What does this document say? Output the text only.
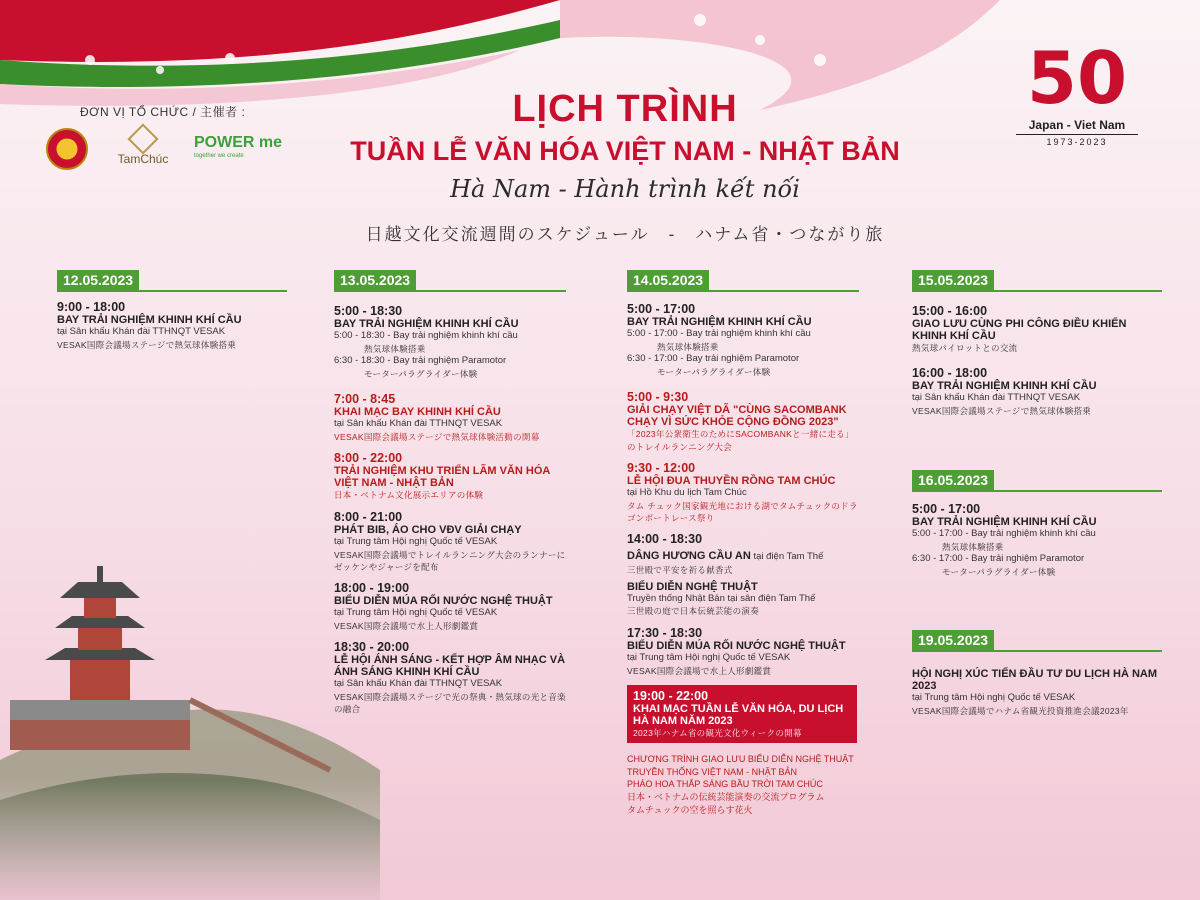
ĐƠN VỊ TỔ CHỨC / 主催者 :
TamChúc
POWER me
together we create
LỊCH TRÌNH
TUẦN LỄ VĂN HÓA VIỆT NAM - NHẬT BẢN
Hà Nam - Hành trình kết nối
日越文化交流週間のスケジュール　-　ハナム省・つながり旅
50
Japan - Viet Nam
1973-2023
12.05.2023
9:00 - 18:00
BAY TRẢI NGHIỆM KHINH KHÍ CẦU
tại Sân khấu Khán đài TTHNQT VESAK
VESAK国際会議場ステージで熱気球体験搭乗
13.05.2023
5:00 - 18:30
BAY TRẢI NGHIỆM KHINH KHÍ CẦU
5:00 - 18:30 - Bay trải nghiệm khinh khí cầu
熱気球体験搭乗
6:30 - 18:30 - Bay trải nghiệm Paramotor
モーターパラグライダー体験
7:00 - 8:45
KHAI MẠC BAY KHINH KHÍ CẦU
tại Sân khấu Khán đài TTHNQT VESAK
VESAK国際会議場ステージで熱気球体験活動の開幕
8:00 - 22:00
TRẢI NGHIỆM KHU TRIỂN LÃM VĂN HÓA VIỆT NAM - NHẬT BẢN
日本・ベトナム文化展示エリアの体験
8:00 - 21:00
PHÁT BIB, ÁO CHO VĐV GIẢI CHẠY
tại Trung tâm Hội nghị Quốc tế VESAK
VESAK国際会議場でトレイルランニング大会のランナーにゼッケンやジャージを配布
18:00 - 19:00
BIỂU DIỄN MÚA RỐI NƯỚC NGHỆ THUẬT
tại Trung tâm Hội nghị Quốc tế VESAK
VESAK国際会議場で水上人形劇鑑賞
18:30 - 20:00
LỄ HỘI ÁNH SÁNG - KẾT HỢP ÂM NHẠC VÀ ÁNH SÁNG KHINH KHÍ CẦU
tại Sân khấu Khán đài TTHNQT VESAK
VESAK国際会議場ステージで光の祭典・熱気球の光と音楽の融合
14.05.2023
5:00 - 17:00
BAY TRẢI NGHIỆM KHINH KHÍ CẦU
5:00 - 17:00 - Bay trải nghiệm khinh khí cầu
熱気球体験搭乗
6:30 - 17:00 - Bay trải nghiệm Paramotor
モーターパラグライダー体験
5:00 - 9:30
GIẢI CHẠY VIỆT DÃ "CÙNG SACOMBANK CHẠY VÌ SỨC KHỎE CỘNG ĐỒNG 2023"
「2023年公衆衛生のためにSACOMBANKと一緒に走る」のトレイルランニング大会
9:30 - 12:00
LỄ HỘI ĐUA THUYỀN RỒNG TAM CHÚC
tại Hồ Khu du lịch Tam Chúc
タム チュック国家観光地における湖でタムチュックのドラゴンボートレース祭り
14:00 - 18:30
DÂNG HƯƠNG CẦU AN tại điện Tam Thế
三世殿で平安を祈る献香式
BIỂU DIỄN NGHỆ THUẬT
Truyền thống Nhật Bản tại sân điện Tam Thế
三世殿の庭で日本伝統芸能の演奏
17:30 - 18:30
BIỂU DIỄN MÚA RỐI NƯỚC NGHỆ THUẬT
tại Trung tâm Hội nghị Quốc tế VESAK
VESAK国際会議場で水上人形劇鑑賞
19:00 - 22:00
KHAI MẠC TUẦN LỄ VĂN HÓA, DU LỊCH HÀ NAM NĂM 2023
2023年ハナム省の観光文化ウィークの開幕
CHƯƠNG TRÌNH GIAO LƯU BIỂU DIỄN NGHỆ THUẬT
TRUYỀN THỐNG VIỆT NAM - NHẬT BẢN
PHÁO HOA THẮP SÁNG BẦU TRỜI TAM CHÚC
日本・ベトナムの伝統芸能演奏の交流プログラム
タムチュックの空を照らす花火
15.05.2023
15:00 - 16:00
GIAO LƯU CÙNG PHI CÔNG ĐIỀU KHIỂN KHINH KHÍ CẦU
熱気球パイロットとの交流
16:00 - 18:00
BAY TRẢI NGHIỆM KHINH KHÍ CẦU
tại Sân khấu Khán đài TTHNQT VESAK
VESAK国際会議場ステージで熱気球体験搭乗
16.05.2023
5:00 - 17:00
BAY TRẢI NGHIỆM KHINH KHÍ CẦU
5:00 - 17:00 - Bay trải nghiệm khinh khí cầu
熱気球体験搭乗
6:30 - 17:00 - Bay trải nghiệm Paramotor
モーターパラグライダー体験
19.05.2023
HỘI NGHỊ XÚC TIẾN ĐẦU TƯ DU LỊCH HÀ NAM 2023
tại Trung tâm Hội nghị Quốc tế VESAK
VESAK国際会議場でハナム省観光投資推進会議2023年
